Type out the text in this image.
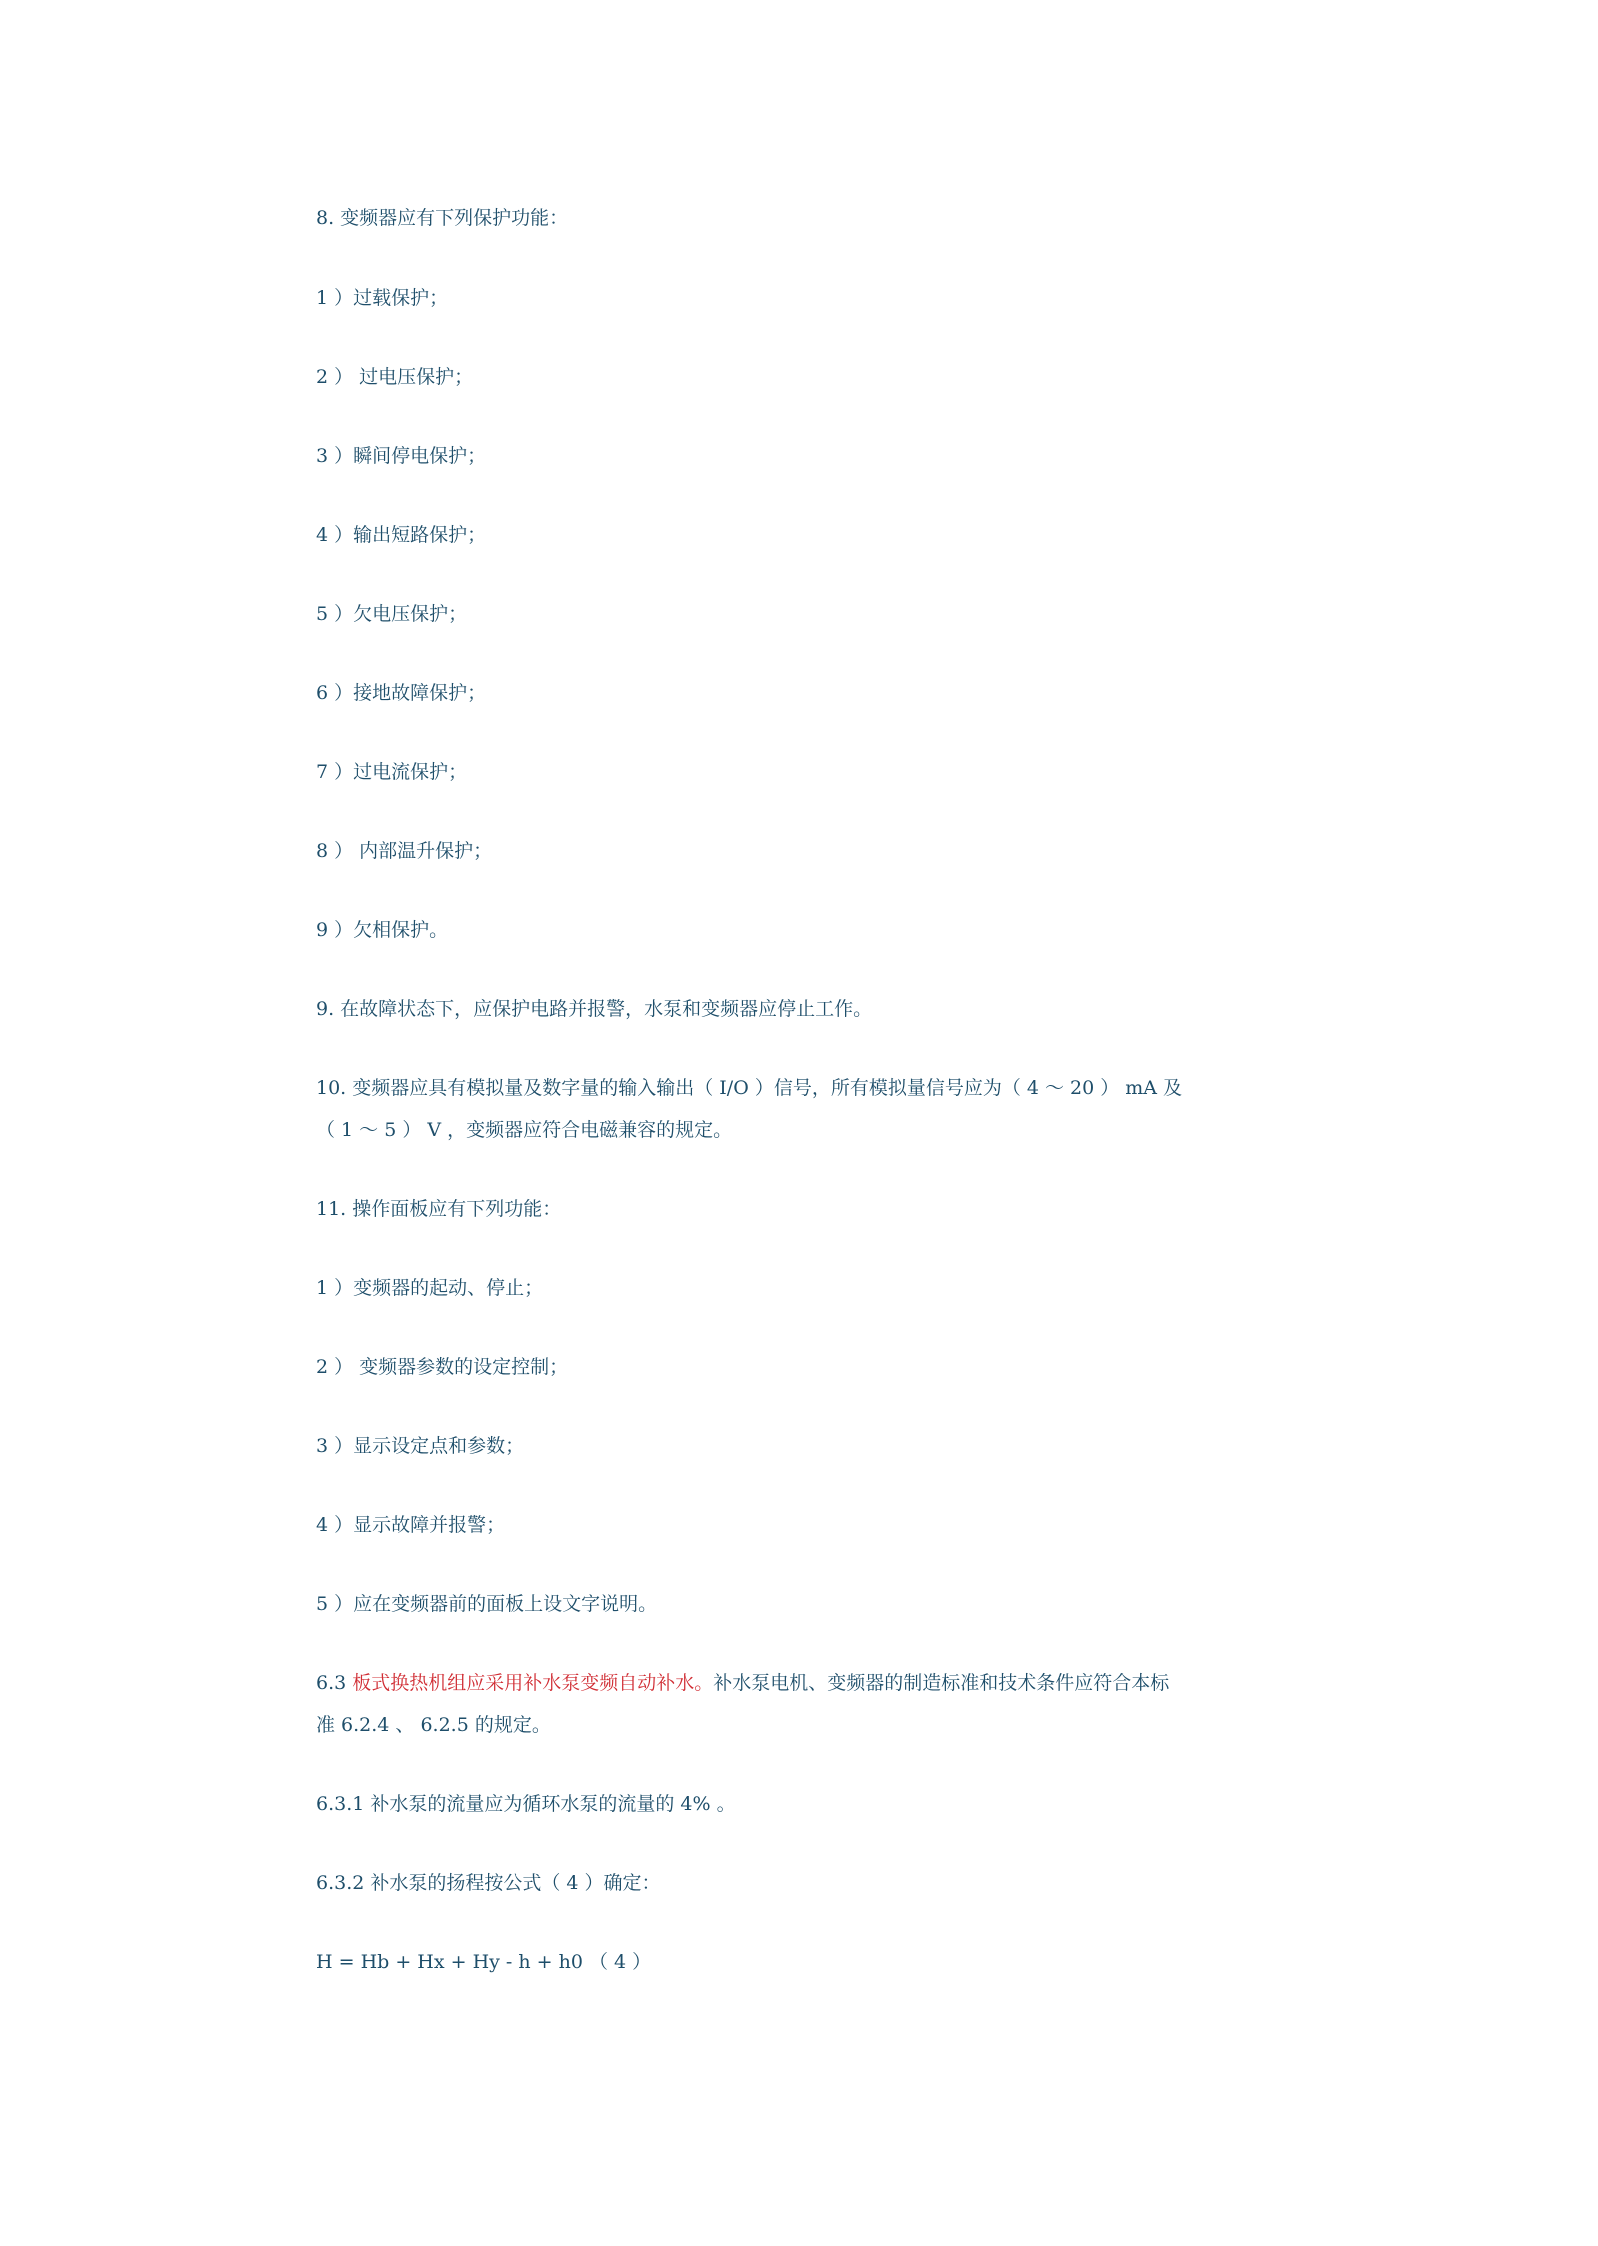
8. 变频器应有下列保护功能：
1 ）过载保护；
2 ） 过电压保护；
3 ）瞬间停电保护；
4 ）输出短路保护；
5 ）欠电压保护；
6 ）接地故障保护；
7 ）过电流保护；
8 ） 内部温升保护；
9 ）欠相保护。
9. 在故障状态下，应保护电路并报警，水泵和变频器应停止工作。
10. 变频器应具有模拟量及数字量的输入输出（ I/O ）信号，所有模拟量信号应为（ 4 ～ 20 ） mA 及
（ 1 ～ 5 ） V ，变频器应符合电磁兼容的规定。
11. 操作面板应有下列功能：
1 ）变频器的起动、停止；
2 ） 变频器参数的设定控制；
3 ）显示设定点和参数；
4 ）显示故障并报警；
5 ）应在变频器前的面板上设文字说明。
6.3 板式换热机组应采用补水泵变频自动补水。补水泵电机、变频器的制造标准和技术条件应符合本标
准 6.2.4 、 6.2.5 的规定。
6.3.1 补水泵的流量应为循环水泵的流量的 4% 。
6.3.2 补水泵的扬程按公式（ 4 ）确定：
H = Hb + Hx + Hy - h + h0 （ 4 ）
